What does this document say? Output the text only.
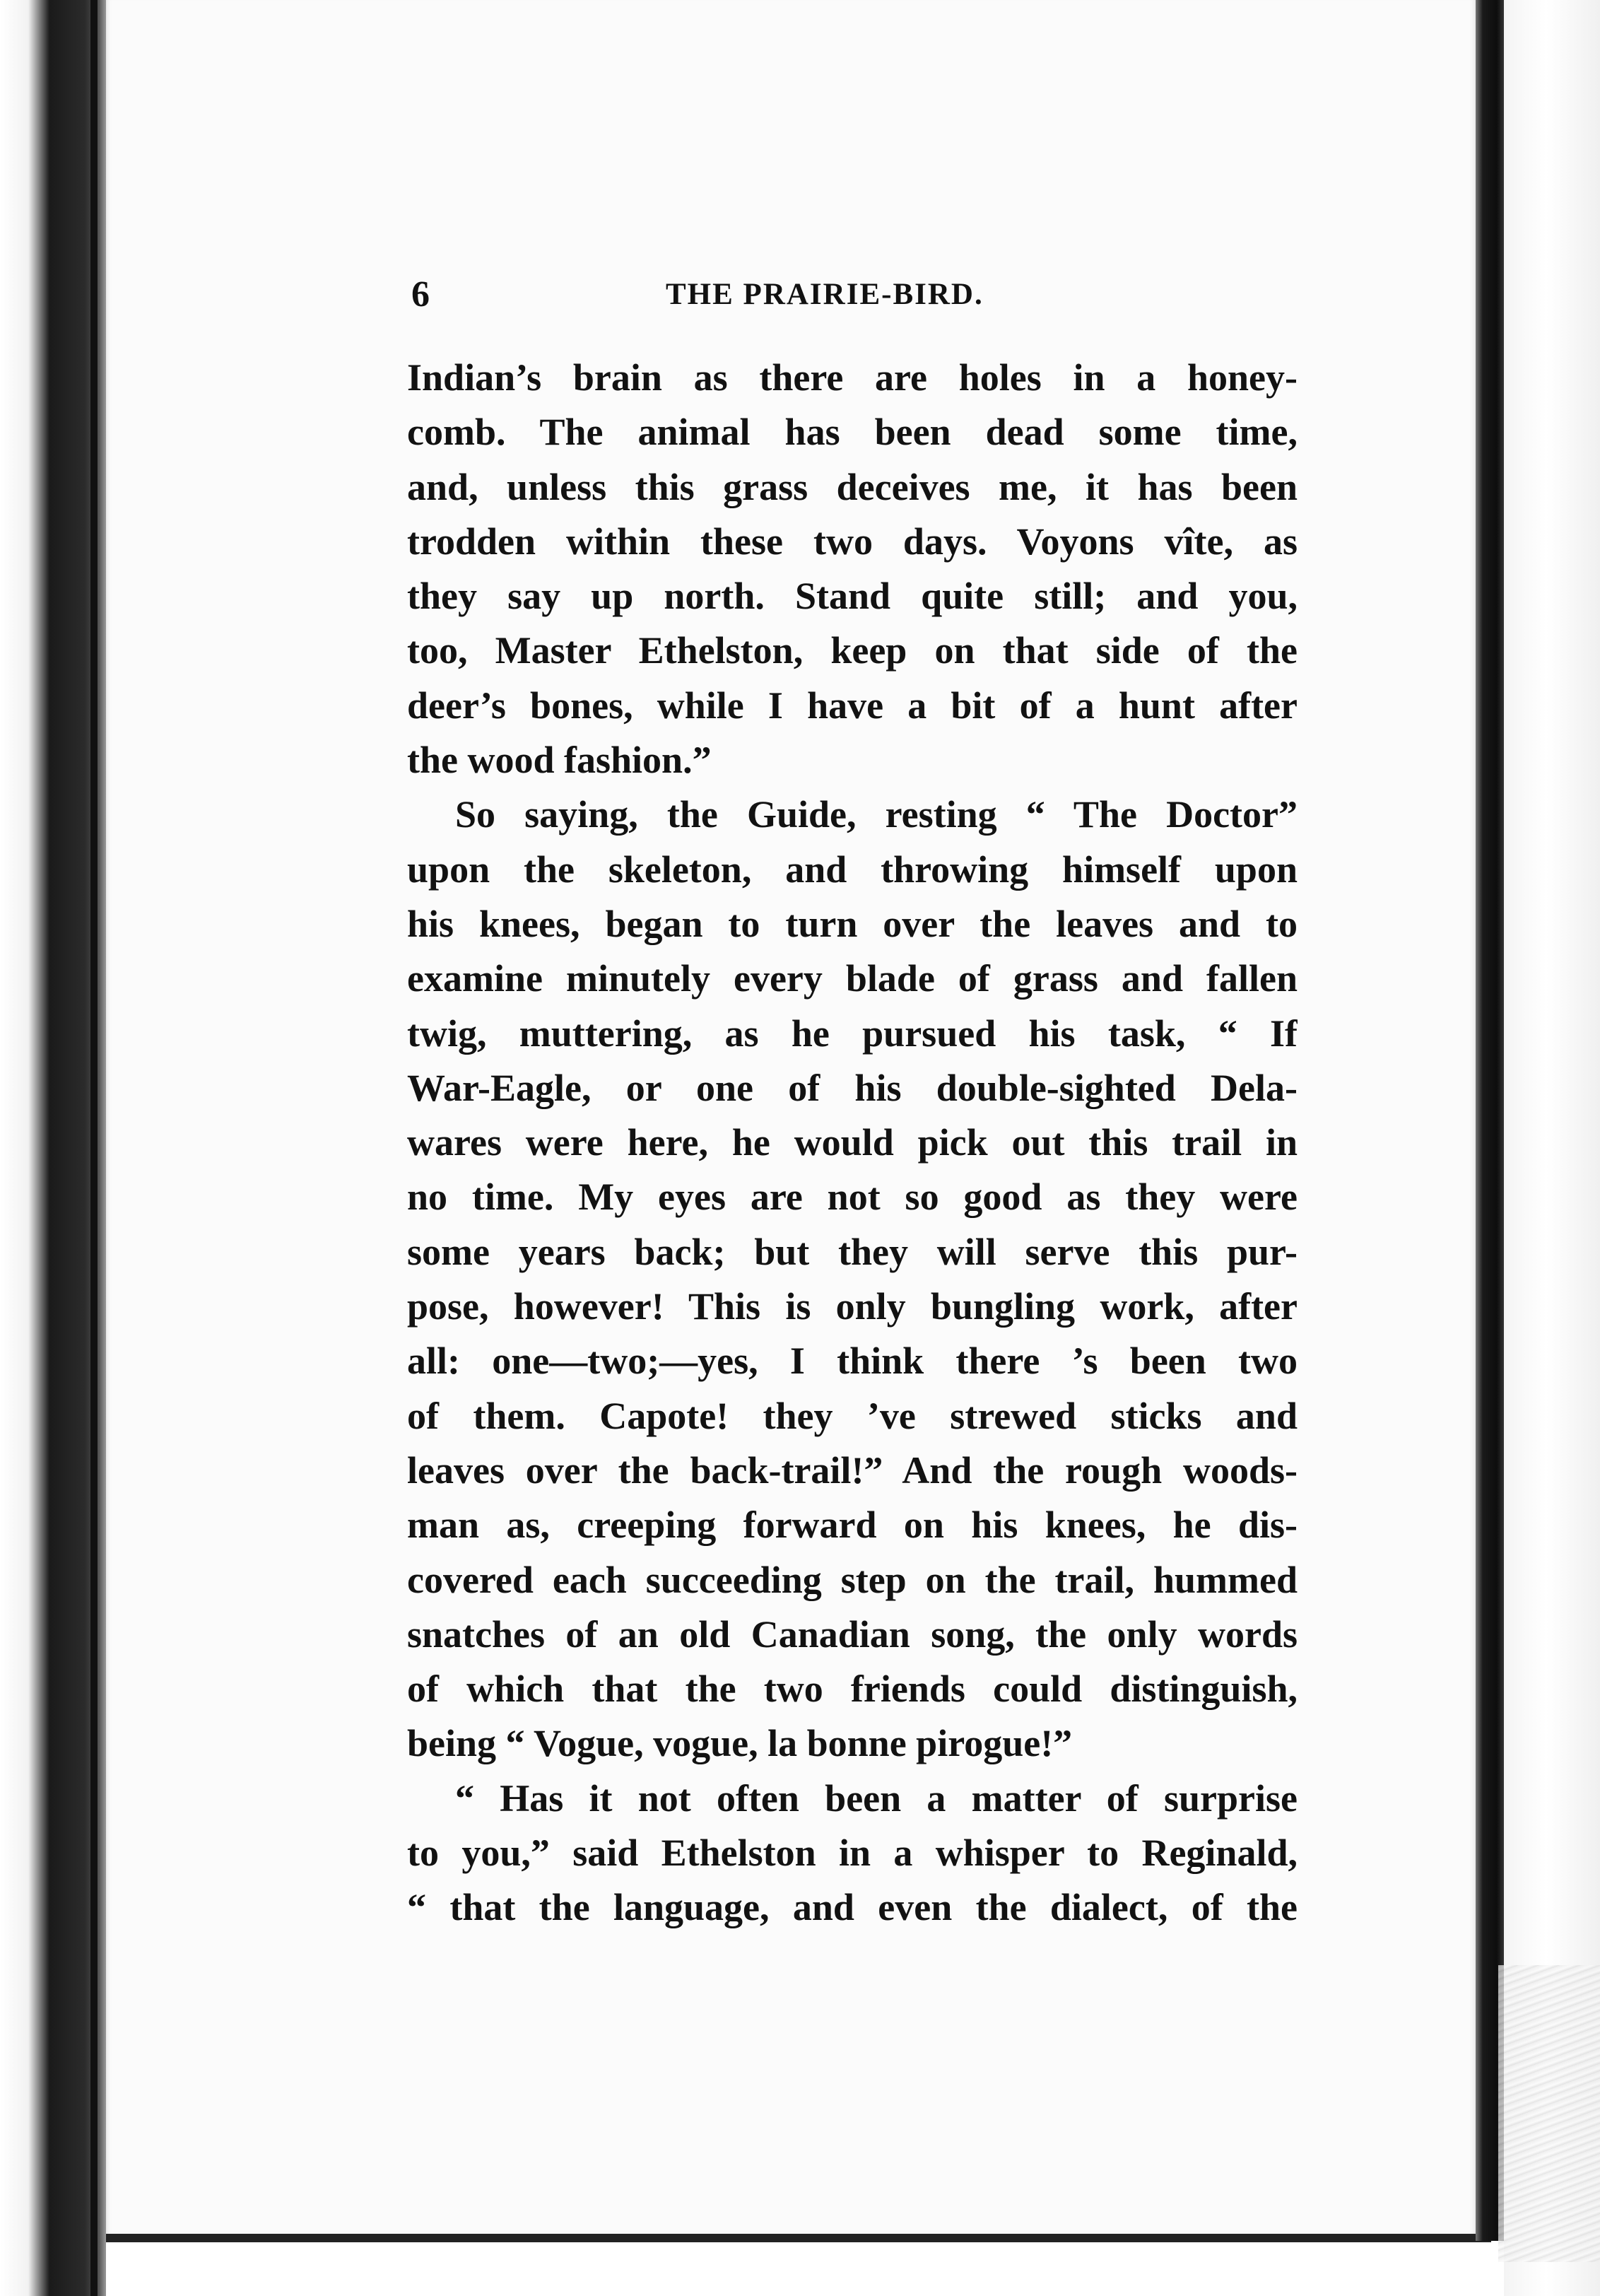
6	THE PRAIRIE-BIRD.
Indian’s brain as there are holes in a honey-
comb. The animal has been dead some time,
and, unless this grass deceives me, it has been
trodden within these two days. Voyons vîte, as
they say up north. Stand quite still; and you,
too, Master Ethelston, keep on that side of the
deer’s bones, while I have a bit of a hunt after
the wood fashion.”
So saying, the Guide, resting “ The Doctor”
upon the skeleton, and throwing himself upon
his knees, began to turn over the leaves and to
examine minutely every blade of grass and fallen
twig, muttering, as he pursued his task, “ If
War-Eagle, or one of his double-sighted Dela-
wares were here, he would pick out this trail in
no time. My eyes are not so good as they were
some years back; but they will serve this pur-
pose, however! This is only bungling work, after
all: one—two;—yes, I think there ’s been two
of them. Capote! they ’ve strewed sticks and
leaves over the back-trail!” And the rough woods-
man as, creeping forward on his knees, he dis-
covered each succeeding step on the trail, hummed
snatches of an old Canadian song, the only words
of which that the two friends could distinguish,
being “ Vogue, vogue, la bonne pirogue!”
“ Has it not often been a matter of surprise
to you,” said Ethelston in a whisper to Reginald,
“ that the language, and even the dialect, of the
